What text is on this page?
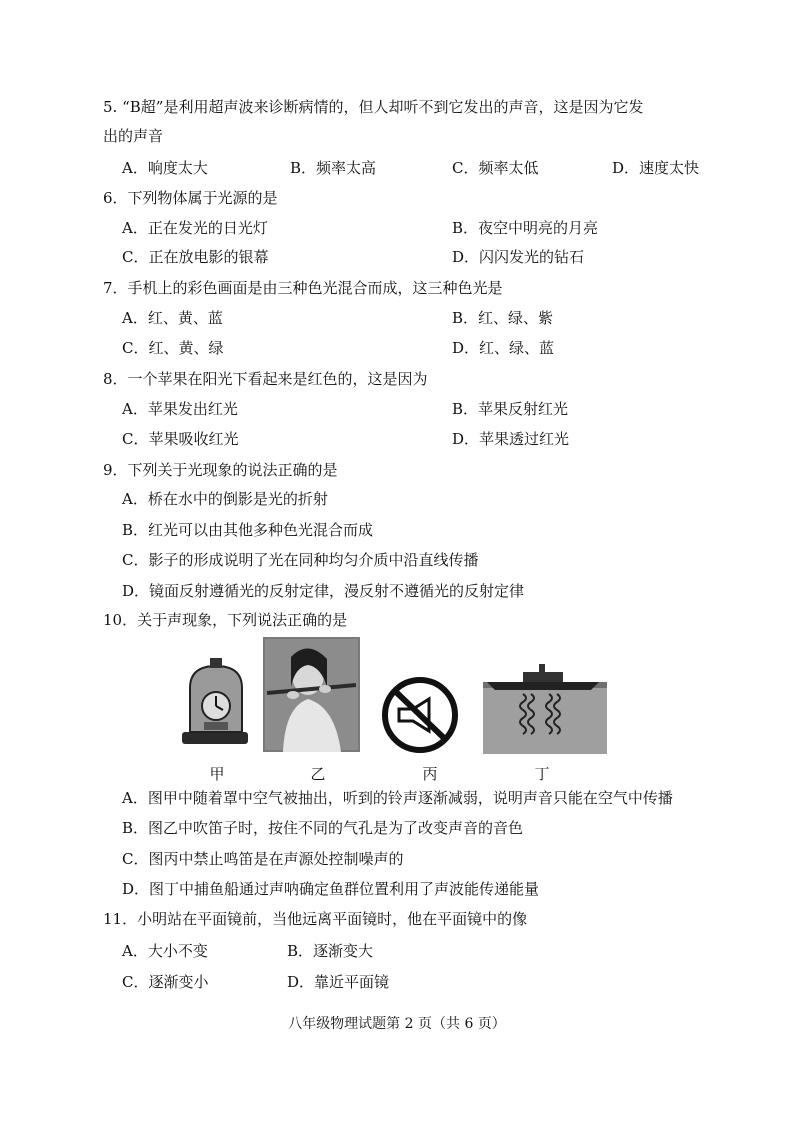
5. “B超”是利用超声波来诊断病情的，但人却听不到它发出的声音，这是因为它发
出的声音
A．响度太大	B．频率太高	C．频率太低	D．速度太快
6．下列物体属于光源的是
A．正在发光的日光灯	B．夜空中明亮的月亮
C．正在放电影的银幕	D．闪闪发光的钻石
7．手机上的彩色画面是由三种色光混合而成，这三种色光是
A．红、黄、蓝	B．红、绿、紫
C．红、黄、绿	D．红、绿、蓝
8．一个苹果在阳光下看起来是红色的，这是因为
A．苹果发出红光	B．苹果反射红光
C．苹果吸收红光	D．苹果透过红光
9．下列关于光现象的说法正确的是
A．桥在水中的倒影是光的折射
B．红光可以由其他多种色光混合而成
C．影子的形成说明了光在同种均匀介质中沿直线传播
D．镜面反射遵循光的反射定律，漫反射不遵循光的反射定律
10．关于声现象，下列说法正确的是
甲	乙	丙	丁
A．图甲中随着罩中空气被抽出，听到的铃声逐渐减弱，说明声音只能在空气中传播
B．图乙中吹笛子时，按住不同的气孔是为了改变声音的音色
C．图丙中禁止鸣笛是在声源处控制噪声的
D．图丁中捕鱼船通过声呐确定鱼群位置利用了声波能传递能量
11．小明站在平面镜前，当他远离平面镜时，他在平面镜中的像
A．大小不变	B．逐渐变大
C．逐渐变小	D．靠近平面镜
八年级物理试题第 2 页（共 6 页）
